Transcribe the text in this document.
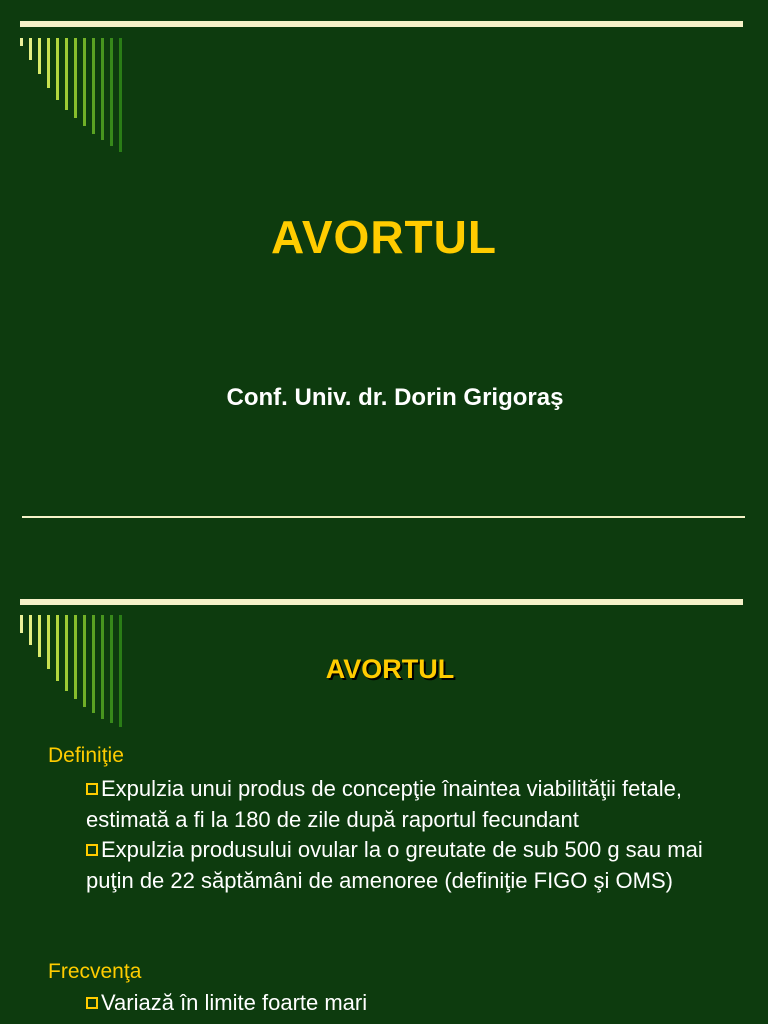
AVORTUL
Conf. Univ. dr. Dorin Grigoraş
AVORTUL
Definiţie
Expulzia unui produs de concepţie înaintea viabilităţii fetale, estimată a fi la 180 de zile după raportul fecundant
Expulzia produsului ovular la o greutate de sub 500 g sau mai puţin de 22 săptămâni de amenoree (definiţie FIGO şi OMS)
Frecvenţa
Variază în limite foarte mari
